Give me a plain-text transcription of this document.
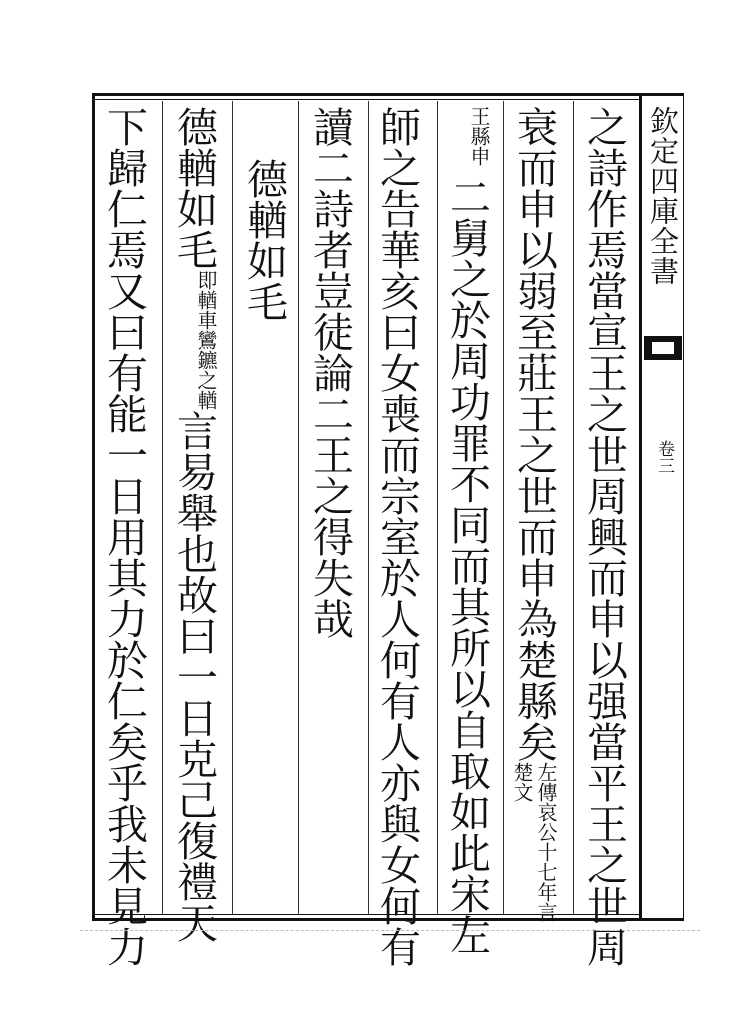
欽定四庫全書
卷三
之詩作焉當宣王之世周興而申以强當平王之世周
衰而申以弱至莊王之世而申為楚縣矣左傳哀公十七年言楚文
王縣申二舅之於周功罪不同而其所以自取如此宋左
師之告華亥曰女喪而宗室於人何有人亦與女何有
讀二詩者豈徒論二王之得失哉
德輶如毛
德輶如毛即輶車鸞鑣之輶言易舉也故曰一日克己復禮天
下歸仁焉又曰有能一日用其力於仁矣乎我未見力
